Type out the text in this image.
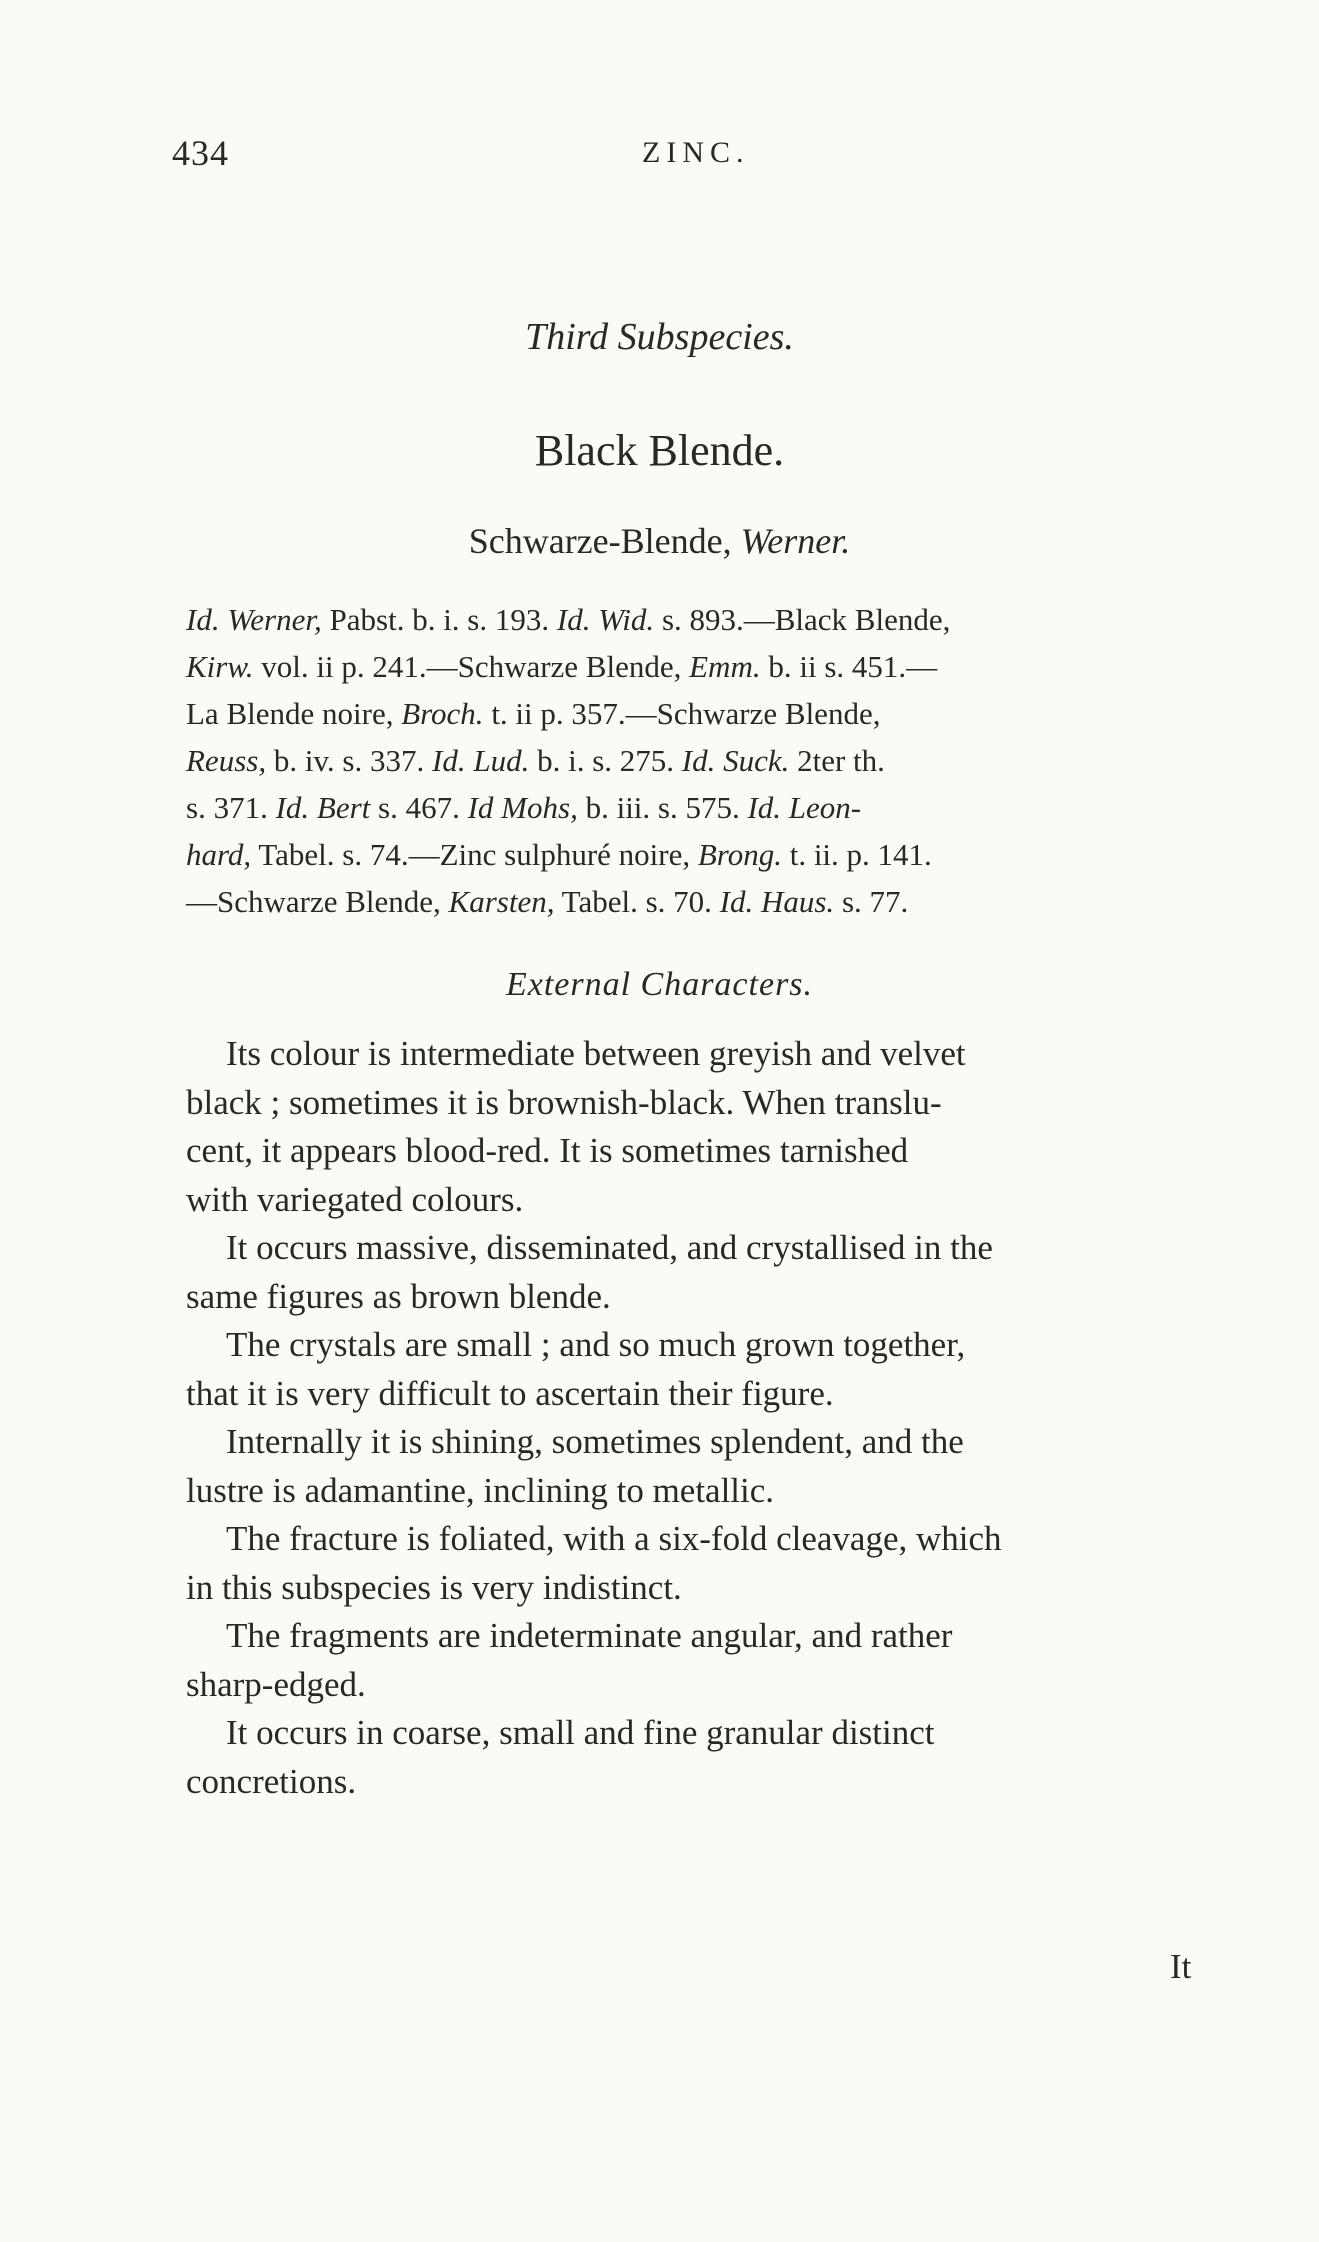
434	ZINC.
Third Subspecies.
Black Blende.
Schwarze-Blende, Werner.
Id. Werner, Pabst. b. i. s. 193. Id. Wid. s. 893.—Black Blende,
Kirw. vol. ii p. 241.—Schwarze Blende, Emm. b. ii s. 451.—
La Blende noire, Broch. t. ii p. 357.—Schwarze Blende,
Reuss, b. iv. s. 337. Id. Lud. b. i. s. 275. Id. Suck. 2ter th.
s. 371. Id. Bert s. 467. Id Mohs, b. iii. s. 575. Id. Leon-
hard, Tabel. s. 74.—Zinc sulphuré noire, Brong. t. ii. p. 141.
—Schwarze Blende, Karsten, Tabel. s. 70. Id. Haus. s. 77.
External Characters.
Its colour is intermediate between greyish and velvet
black ; sometimes it is brownish-black. When translu-
cent, it appears blood-red. It is sometimes tarnished
with variegated colours.
It occurs massive, disseminated, and crystallised in the
same figures as brown blende.
The crystals are small ; and so much grown together,
that it is very difficult to ascertain their figure.
Internally it is shining, sometimes splendent, and the
lustre is adamantine, inclining to metallic.
The fracture is foliated, with a six-fold cleavage, which
in this subspecies is very indistinct.
The fragments are indeterminate angular, and rather
sharp-edged.
It occurs in coarse, small and fine granular distinct
concretions.
It
